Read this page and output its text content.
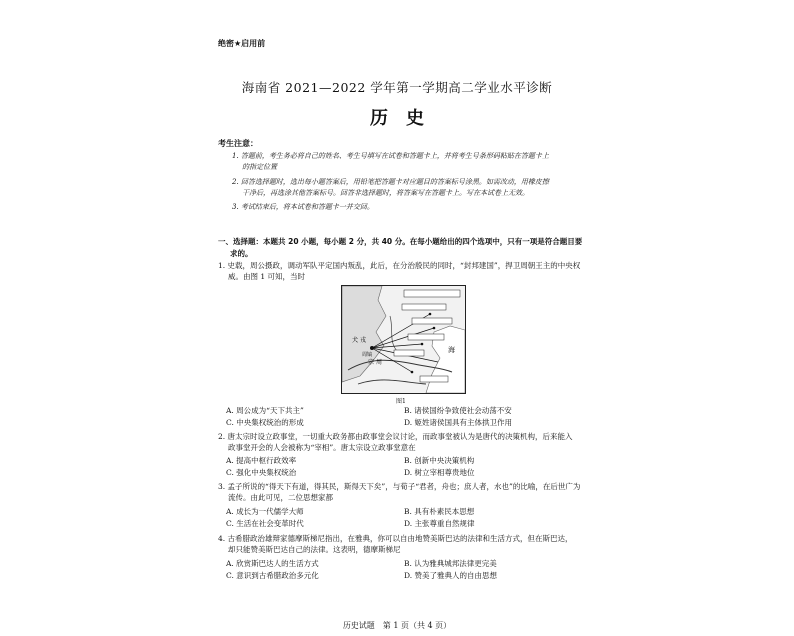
绝密★启用前
海南省 2021—2022 学年第一学期高二学业水平诊断
历史
考生注意：
1. 答题前，考生务必将自己的姓名、考生号填写在试卷和答题卡上，并将考生号条形码粘贴在答题卡上
的指定位置
2. 回答选择题时，选出每小题答案后，用铅笔把答题卡对应题目的答案标号涂黑。如需改动，用橡皮擦
干净后，再选涂其他答案标号。回答非选择题时，将答案写在答题卡上。写在本试卷上无效。
3. 考试结束后，将本试卷和答题卡一并交回。
一、选择题：本题共 20 小题，每小题 2 分，共 40 分。在每小题给出的四个选项中，只有一项是符合题目要
求的。
1. 史载，周公摄政，调动军队平定国内叛乱，此后，在分治殷民的同时，“封邦建国”，捍卫周朝王主的中央权
威。由图 1 可知，当时
犬 戎
宗 周
海
周 镐
图1
A. 周公成为“天下共主”	B. 诸侯国纷争致使社会动荡不安
C. 中央集权统治的形成	D. 姬姓诸侯国具有主体拱卫作用
2. 唐太宗时设立政事堂，一切重大政务都由政事堂会议讨论，而政事堂被认为是唐代的决策机构，后来能入
政事堂开会的人会被称为“宰相”。唐太宗设立政事堂意在
A. 提高中枢行政效率	B. 创新中央决策机构
C. 强化中央集权统治	D. 树立宰相尊贵地位
3. 孟子所说的“得天下有道，得其民，斯得天下矣”，与荀子“君者，舟也；庶人者，水也”的比喻，在后世广为
流传。由此可见，二位思想家都
A. 成长为一代儒学大师	B. 具有朴素民本思想
C. 生活在社会变革时代	D. 主张尊重自然规律
4. 古希腊政治雄辩家德摩斯梯尼指出，在雅典，你可以自由地赞美斯巴达的法律和生活方式，但在斯巴达，
却只能赞美斯巴达自己的法律。这表明，德摩斯梯尼
A. 欣赏斯巴达人的生活方式	B. 认为雅典城邦法律更完美
C. 意识到古希腊政治多元化	D. 赞美了雅典人的自由思想
历史试题　第 1 页（共 4 页）
